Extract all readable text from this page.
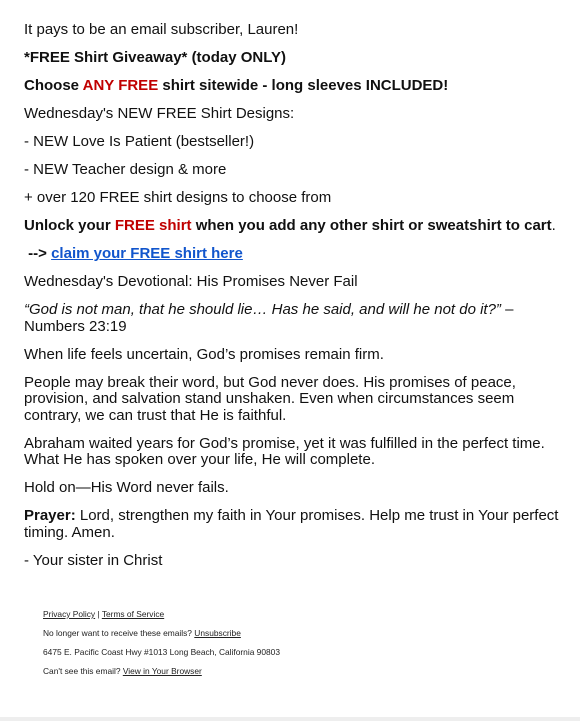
It pays to be an email subscriber, Lauren!

*FREE Shirt Giveaway* (today ONLY)

Choose ANY FREE shirt sitewide - long sleeves INCLUDED!

Wednesday's NEW FREE Shirt Designs:

- NEW Love Is Patient (bestseller!)

- NEW Teacher design & more

+ over 120 FREE shirt designs to choose from

Unlock your FREE shirt when you add any other shirt or sweatshirt to cart.

--> claim your FREE shirt here

Wednesday's Devotional: His Promises Never Fail

“God is not man, that he should lie… Has he said, and will he not do it?” – Numbers 23:19

When life feels uncertain, God’s promises remain firm.

People may break their word, but God never does. His promises of peace, provision, and salvation stand unshaken. Even when circumstances seem contrary, we can trust that He is faithful.

Abraham waited years for God’s promise, yet it was fulfilled in the perfect time. What He has spoken over your life, He will complete.

Hold on—His Word never fails.

Prayer: Lord, strengthen my faith in Your promises. Help me trust in Your perfect timing. Amen.

- Your sister in Christ

Privacy Policy | Terms of Service

No longer want to receive these emails? Unsubscribe

6475 E. Pacific Coast Hwy #1013 Long Beach, California 90803

Can't see this email? View in Your Browser
